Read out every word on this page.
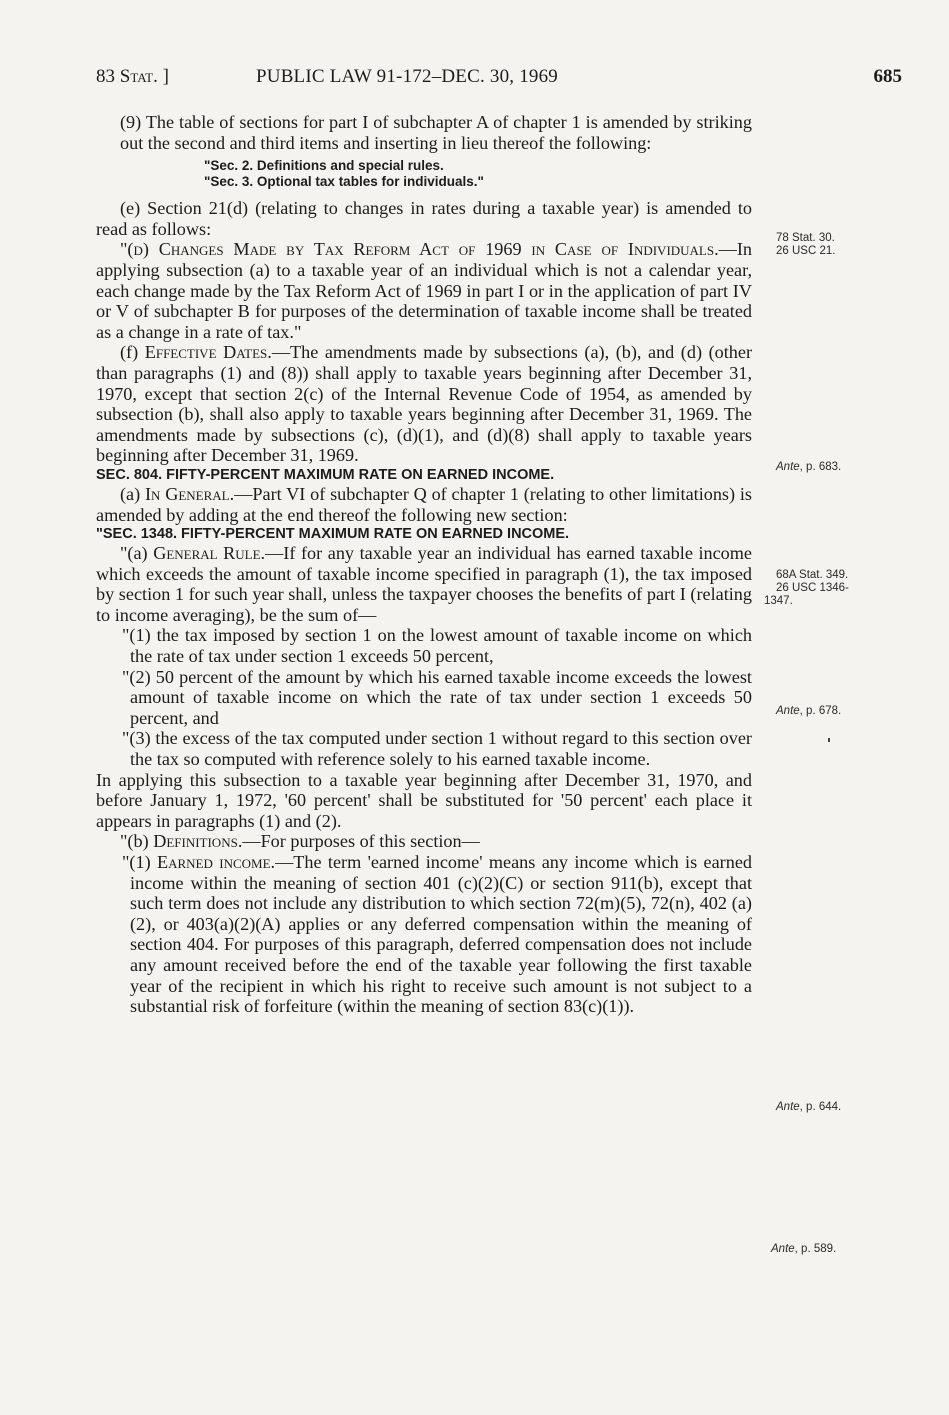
83 Stat. ]	PUBLIC LAW 91-172–DEC. 30, 1969	685

(9) The table of sections for part I of subchapter A of chapter 1 is amended by striking out the second and third items and inserting in lieu thereof the following:

"Sec. 2. Definitions and special rules.
"Sec. 3. Optional tax tables for individuals."

(e) Section 21(d) (relating to changes in rates during a taxable year) is amended to read as follows:

"(d) Changes Made by Tax Reform Act of 1969 in Case of Individuals.—In applying subsection (a) to a taxable year of an individual which is not a calendar year, each change made by the Tax Reform Act of 1969 in part I or in the application of part IV or V of subchapter B for purposes of the determination of taxable income shall be treated as a change in a rate of tax."

(f) Effective Dates.—The amendments made by subsections (a), (b), and (d) (other than paragraphs (1) and (8)) shall apply to taxable years beginning after December 31, 1970, except that section 2(c) of the Internal Revenue Code of 1954, as amended by subsection (b), shall also apply to taxable years beginning after December 31, 1969. The amendments made by subsections (c), (d)(1), and (d)(8) shall apply to taxable years beginning after December 31, 1969.

SEC. 804. FIFTY-PERCENT MAXIMUM RATE ON EARNED INCOME.

(a) In General.—Part VI of subchapter Q of chapter 1 (relating to other limitations) is amended by adding at the end thereof the following new section:

"SEC. 1348. FIFTY-PERCENT MAXIMUM RATE ON EARNED INCOME.

"(a) General Rule.—If for any taxable year an individual has earned taxable income which exceeds the amount of taxable income specified in paragraph (1), the tax imposed by section 1 for such year shall, unless the taxpayer chooses the benefits of part I (relating to income averaging), be the sum of—

"(1) the tax imposed by section 1 on the lowest amount of taxable income on which the rate of tax under section 1 exceeds 50 percent,

"(2) 50 percent of the amount by which his earned taxable income exceeds the lowest amount of taxable income on which the rate of tax under section 1 exceeds 50 percent, and

"(3) the excess of the tax computed under section 1 without regard to this section over the tax so computed with reference solely to his earned taxable income.

In applying this subsection to a taxable year beginning after December 31, 1970, and before January 1, 1972, '60 percent' shall be substituted for '50 percent' each place it appears in paragraphs (1) and (2).

"(b) Definitions.—For purposes of this section—

"(1) Earned income.—The term 'earned income' means any income which is earned income within the meaning of section 401 (c)(2)(C) or section 911(b), except that such term does not include any distribution to which section 72(m)(5), 72(n), 402 (a)(2), or 403(a)(2)(A) applies or any deferred compensation within the meaning of section 404. For purposes of this paragraph, deferred compensation does not include any amount received before the end of the taxable year following the first taxable year of the recipient in which his right to receive such amount is not subject to a substantial risk of forfeiture (within the meaning of section 83(c)(1)).

78 Stat. 30.
26 USC 21.
Ante, p. 683.
68A Stat. 349.
26 USC 1346-
1347.
Ante, p. 678.
Ante, p. 644.
Ante, p. 589.
